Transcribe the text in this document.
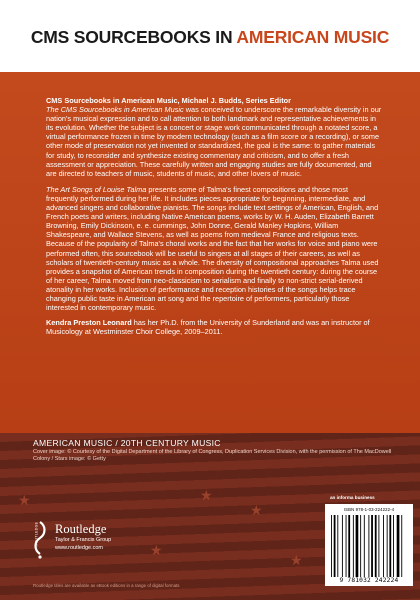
CMS SOURCEBOOKS IN AMERICAN MUSIC

CMS Sourcebooks in American Music, Michael J. Budds, Series Editor
The CMS Sourcebooks in American Music was conceived to underscore the remarkable diversity in our nation's musical expression and to call attention to both landmark and representative achievements in its evolution. Whether the subject is a concert or stage work communicated through a notated score, a virtual performance frozen in time by modern technology (such as a film score or a recording), or some other mode of preservation not yet invented or standardized, the goal is the same: to gather materials for study, to reconsider and synthesize existing commentary and criticism, and to offer a fresh assessment or appreciation. These carefully written and engaging studies are fully documented, and are directed to teachers of music, students of music, and other lovers of music.

The Art Songs of Louise Talma presents some of Talma's finest compositions and those most frequently performed during her life. It includes pieces appropriate for beginning, intermediate, and advanced singers and collaborative pianists. The songs include text settings of American, English, and French poets and writers, including Native American poems, works by W. H. Auden, Elizabeth Barrett Browning, Emily Dickinson, e. e. cummings, John Donne, Gerald Manley Hopkins, William Shakespeare, and Wallace Stevens, as well as poems from medieval France and religious texts. Because of the popularity of Talma's choral works and the fact that her works for voice and piano were performed often, this sourcebook will be useful to singers at all stages of their careers, as well as scholars of twentieth-century music as a whole. The diversity of compositional approaches Talma used provides a snapshot of American trends in composition during the twentieth century: during the course of her career, Talma moved from neo-classicism to serialism and finally to non-strict serial-derived atonality in her works. Inclusion of performance and reception histories of the songs helps trace changing public taste in American art song and the repertoire of performers, particularly those interested in contemporary music.

Kendra Preston Leonard has her Ph.D. from the University of Sunderland and was an instructor of Musicology at Westminster Choir College, 2009–2011.

★
★
★
★
★
AMERICAN MUSIC / 20TH CENTURY MUSIC
Cover image: © Courtesy of the Digital Department of the Library of Congress, Duplication Services Division, with the permission of The MacDowell Colony / Stars image: © Getty
an informa business
ISBN 978-1-03-224222-4
9 781032 242224
ROUTLEDGE Routledge
Taylor & Francis Group
www.routledge.com
Routledge titles are available as eBook editions in a range of digital formats
